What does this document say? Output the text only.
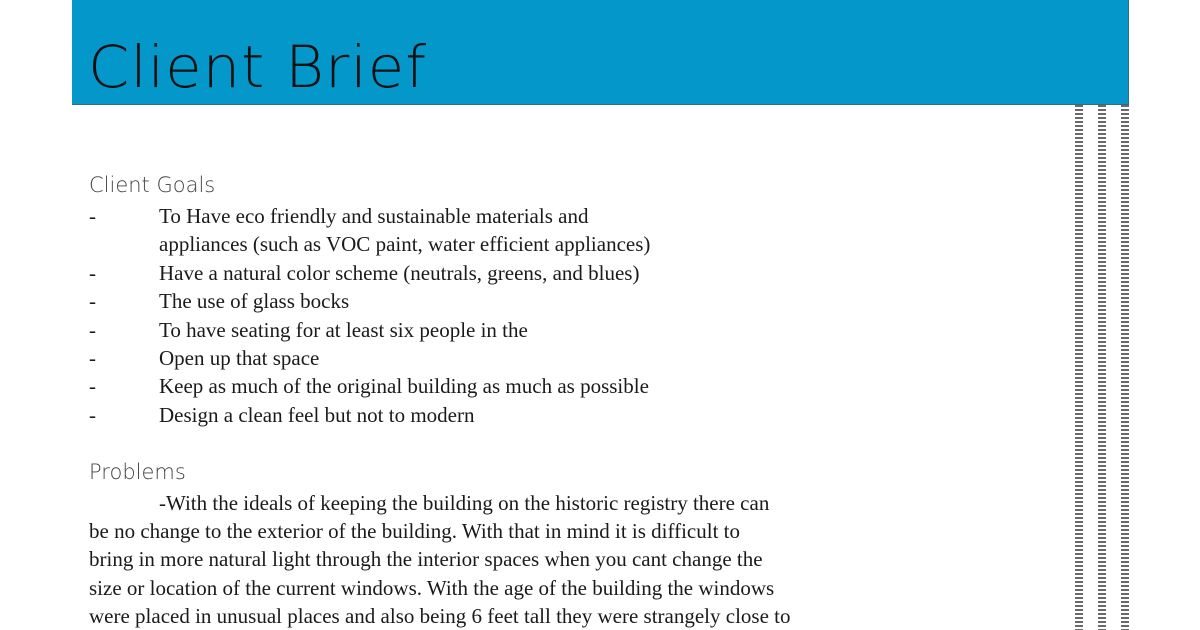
Client Brief
Client Goals
-	To Have eco friendly and sustainable materials and
appliances (such as VOC paint, water efficient appliances)
-	Have a natural color scheme (neutrals, greens, and blues)
-	The use of glass bocks
-	To have seating for at least six people in the
-	Open up that space
-	Keep as much of the original building as much as possible
-	Design a clean feel but not to modern
Problems
-With the ideals of keeping the building on the historic registry there can
be no change to the exterior of the building. With that in mind it is difficult to
bring in more natural light through the interior spaces when you cant change the
size or location of the current windows. With the age of the building the windows
were placed in unusual places and also being 6 feet tall they were strangely close to
